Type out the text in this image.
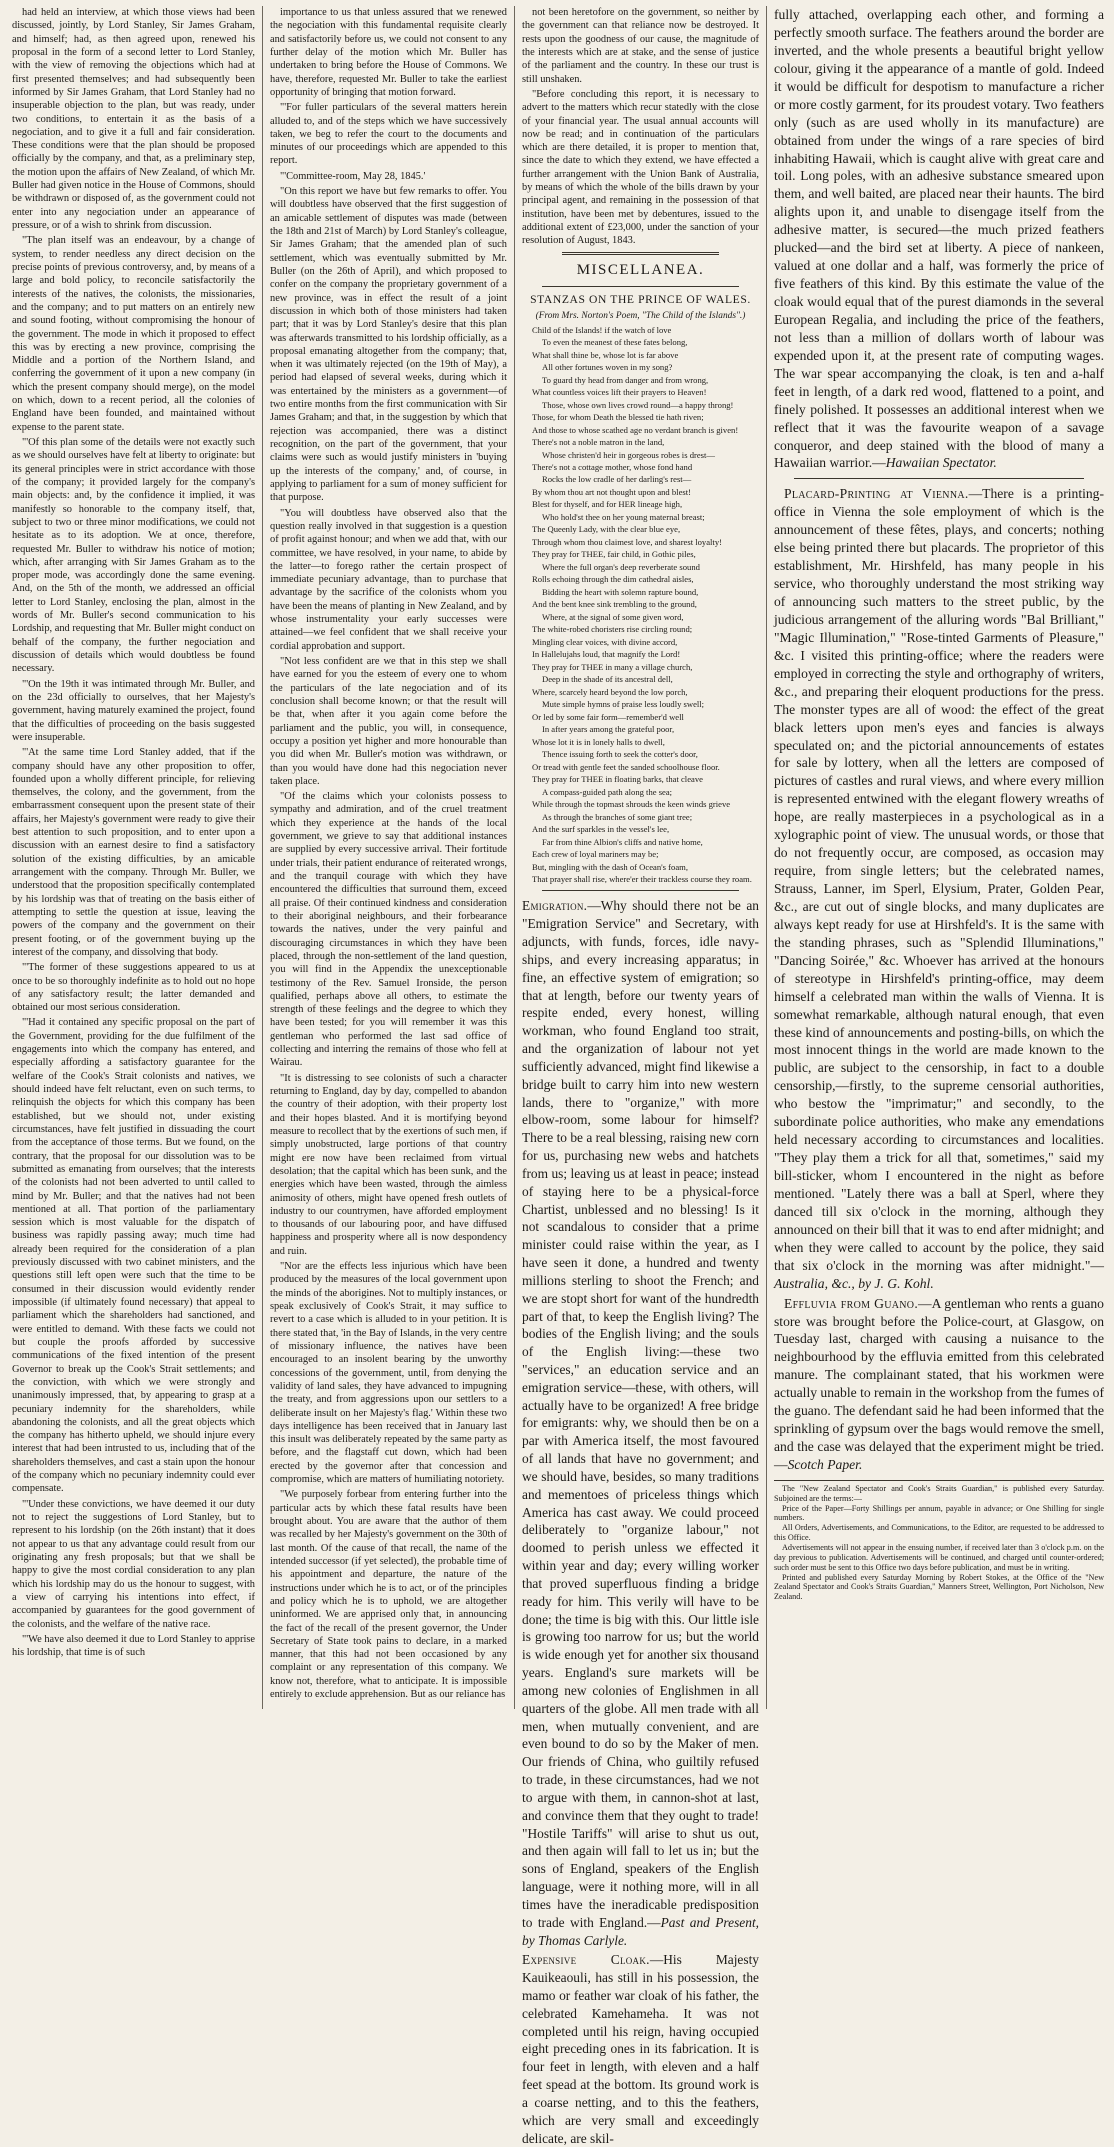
had held an interview, at which those views had been discussed, jointly, by Lord Stanley, Sir James Graham, and himself; had, as then agreed upon, renewed his proposal in the form of a second letter to Lord Stanley, with the view of removing the objections which had at first presented themselves; and had subsequently been informed by Sir James Graham, that Lord Stanley had no insuperable objection to the plan, but was ready, under two conditions, to entertain it as the basis of a negociation, and to give it a full and fair consideration. These conditions were that the plan should be proposed officially by the company, and that, as a preliminary step, the motion upon the affairs of New Zealand, of which Mr. Buller had given notice in the House of Commons, should be withdrawn or disposed of, as the government could not enter into any negociation under an appearance of pressure, or of a wish to shrink from discussion.

"The plan itself was an endeavour, by a change of system, to render needless any direct decision on the precise points of previous controversy, and, by means of a large and bold policy, to reconcile satisfactorily the interests of the natives, the colonists, the missionaries, and the company; and to put matters on an entirely new and sound footing, without compromising the honour of the government. The mode in which it proposed to effect this was by erecting a new province, comprising the Middle and a portion of the Northern Island, and conferring the government of it upon a new company (in which the present company should merge), on the model on which, down to a recent period, all the colonies of England have been founded, and maintained without expense to the parent state.

"'Of this plan some of the details were not exactly such as we should ourselves have felt at liberty to originate: but its general principles were in strict accordance with those of the company; it provided largely for the company's main objects: and, by the confidence it implied, it was manifestly so honorable to the company itself, that, subject to two or three minor modifications, we could not hesitate as to its adoption. We at once, therefore, requested Mr. Buller to withdraw his notice of motion; which, after arranging with Sir James Graham as to the proper mode, was accordingly done the same evening. And, on the 5th of the month, we addressed an official letter to Lord Stanley, enclosing the plan, almost in the words of Mr. Buller's second communication to his Lordship, and requesting that Mr. Buller might conduct on behalf of the company, the further negociation and discussion of details which would doubtless be found necessary.

"'On the 19th it was intimated through Mr. Buller, and on the 23d officially to ourselves, that her Majesty's government, having maturely examined the project, found that the difficulties of proceeding on the basis suggested were insuperable.

"'At the same time Lord Stanley added, that if the company should have any other proposition to offer, founded upon a wholly different principle, for relieving themselves, the colony, and the government, from the embarrassment consequent upon the present state of their affairs, her Majesty's government were ready to give their best attention to such proposition, and to enter upon a discussion with an earnest desire to find a satisfactory solution of the existing difficulties, by an amicable arrangement with the company. Through Mr. Buller, we understood that the proposition specifically contemplated by his lordship was that of treating on the basis either of attempting to settle the question at issue, leaving the powers of the company and the government on their present footing, or of the government buying up the interest of the company, and dissolving that body.

"'The former of these suggestions appeared to us at once to be so thoroughly indefinite as to hold out no hope of any satisfactory result; the latter demanded and obtained our most serious consideration.

"'Had it contained any specific proposal on the part of the Government, providing for the due fulfilment of the engagements into which the company has entered, and especially affording a satisfactory guarantee for the welfare of the Cook's Strait colonists and natives, we should indeed have felt reluctant, even on such terms, to relinquish the objects for which this company has been established, but we should not, under existing circumstances, have felt justified in dissuading the court from the acceptance of those terms. But we found, on the contrary, that the proposal for our dissolution was to be submitted as emanating from ourselves; that the interests of the colonists had not been adverted to until called to mind by Mr. Buller; and that the natives had not been mentioned at all. That portion of the parliamentary session which is most valuable for the dispatch of business was rapidly passing away; much time had already been required for the consideration of a plan previously discussed with two cabinet ministers, and the questions still left open were such that the time to be consumed in their discussion would evidently render impossible (if ultimately found necessary) that appeal to parliament which the shareholders had sanctioned, and were entitled to demand. With these facts we could not but couple the proofs afforded by successive communications of the fixed intention of the present Governor to break up the Cook's Strait settlements; and the conviction, with which we were strongly and unanimously impressed, that, by appearing to grasp at a pecuniary indemnity for the shareholders, while abandoning the colonists, and all the great objects which the company has hitherto upheld, we should injure every interest that had been intrusted to us, including that of the shareholders themselves, and cast a stain upon the honour of the company which no pecuniary indemnity could ever compensate.

"'Under these convictions, we have deemed it our duty not to reject the suggestions of Lord Stanley, but to represent to his lordship (on the 26th instant) that it does not appear to us that any advantage could result from our originating any fresh proposals; but that we shall be happy to give the most cordial consideration to any plan which his lordship may do us the honour to suggest, with a view of carrying his intentions into effect, if accompanied by guarantees for the good government of the colonists, and the welfare of the native race.

"'We have also deemed it due to Lord Stanley to apprise his lordship, that time is of such

importance to us that unless assured that we renewed the negociation with this fundamental requisite clearly and satisfactorily before us, we could not consent to any further delay of the motion which Mr. Buller has undertaken to bring before the House of Commons. We have, therefore, requested Mr. Buller to take the earliest opportunity of bringing that motion forward.

"'For fuller particulars of the several matters herein alluded to, and of the steps which we have successively taken, we beg to refer the court to the documents and minutes of our proceedings which are appended to this report.

"'Committee-room, May 28, 1845.'

"On this report we have but few remarks to offer. You will doubtless have observed that the first suggestion of an amicable settlement of disputes was made (between the 18th and 21st of March) by Lord Stanley's colleague, Sir James Graham; that the amended plan of such settlement, which was eventually submitted by Mr. Buller (on the 26th of April), and which proposed to confer on the company the proprietary government of a new province, was in effect the result of a joint discussion in which both of those ministers had taken part; that it was by Lord Stanley's desire that this plan was afterwards transmitted to his lordship officially, as a proposal emanating altogether from the company; that, when it was ultimately rejected (on the 19th of May), a period had elapsed of several weeks, during which it was entertained by the ministers as a government—of two entire months from the first communication with Sir James Graham; and that, in the suggestion by which that rejection was accompanied, there was a distinct recognition, on the part of the government, that your claims were such as would justify ministers in 'buying up the interests of the company,' and, of course, in applying to parliament for a sum of money sufficient for that purpose.

"You will doubtless have observed also that the question really involved in that suggestion is a question of profit against honour; and when we add that, with our committee, we have resolved, in your name, to abide by the latter—to forego rather the certain prospect of immediate pecuniary advantage, than to purchase that advantage by the sacrifice of the colonists whom you have been the means of planting in New Zealand, and by whose instrumentality your early successes were attained—we feel confident that we shall receive your cordial approbation and support.

"Not less confident are we that in this step we shall have earned for you the esteem of every one to whom the particulars of the late negociation and of its conclusion shall become known; or that the result will be that, when after it you again come before the parliament and the public, you will, in consequence, occupy a position yet higher and more honourable than you did when Mr. Buller's motion was withdrawn, or than you would have done had this negociation never taken place.

"Of the claims which your colonists possess to sympathy and admiration, and of the cruel treatment which they experience at the hands of the local government, we grieve to say that additional instances are supplied by every successive arrival. Their fortitude under trials, their patient endurance of reiterated wrongs, and the tranquil courage with which they have encountered the difficulties that surround them, exceed all praise. Of their continued kindness and consideration to their aboriginal neighbours, and their forbearance towards the natives, under the very painful and discouraging circumstances in which they have been placed, through the non-settlement of the land question, you will find in the Appendix the unexceptionable testimony of the Rev. Samuel Ironside, the person qualified, perhaps above all others, to estimate the strength of these feelings and the degree to which they have been tested; for you will remember it was this gentleman who performed the last sad office of collecting and interring the remains of those who fell at Wairau.

"It is distressing to see colonists of such a character returning to England, day by day, compelled to abandon the country of their adoption, with their property lost and their hopes blasted. And it is mortifying beyond measure to recollect that by the exertions of such men, if simply unobstructed, large portions of that country might ere now have been reclaimed from virtual desolation; that the capital which has been sunk, and the energies which have been wasted, through the aimless animosity of others, might have opened fresh outlets of industry to our countrymen, have afforded employment to thousands of our labouring poor, and have diffused happiness and prosperity where all is now despondency and ruin.

"Nor are the effects less injurious which have been produced by the measures of the local government upon the minds of the aborigines. Not to multiply instances, or speak exclusively of Cook's Strait, it may suffice to revert to a case which is alluded to in your petition. It is there stated that, 'in the Bay of Islands, in the very centre of missionary influence, the natives have been encouraged to an insolent bearing by the unworthy concessions of the government, until, from denying the validity of land sales, they have advanced to impugning the treaty, and from aggressions upon our settlers to a deliberate insult on her Majesty's flag.' Within these two days intelligence has been received that in January last this insult was deliberately repeated by the same party as before, and the flagstaff cut down, which had been erected by the governor after that concession and compromise, which are matters of humiliating notoriety.

"We purposely forbear from entering further into the particular acts by which these fatal results have been brought about. You are aware that the author of them was recalled by her Majesty's government on the 30th of last month. Of the cause of that recall, the name of the intended successor (if yet selected), the probable time of his appointment and departure, the nature of the instructions under which he is to act, or of the principles and policy which he is to uphold, we are altogether uninformed. We are apprised only that, in announcing the fact of the recall of the present governor, the Under Secretary of State took pains to declare, in a marked manner, that this had not been occasioned by any complaint or any representation of this company. We know not, therefore, what to anticipate. It is impossible entirely to exclude apprehension. But as our reliance has

not been heretofore on the government, so neither by the government can that reliance now be destroyed. It rests upon the goodness of our cause, the magnitude of the interests which are at stake, and the sense of justice of the parliament and the country. In these our trust is still unshaken.

"Before concluding this report, it is necessary to advert to the matters which recur statedly with the close of your financial year. The usual annual accounts will now be read; and in continuation of the particulars which are there detailed, it is proper to mention that, since the date to which they extend, we have effected a further arrangement with the Union Bank of Australia, by means of which the whole of the bills drawn by your principal agent, and remaining in the possession of that institution, have been met by debentures, issued to the additional extent of £23,000, under the sanction of your resolution of August, 1843.

MISCELLANEA.
STANZAS ON THE PRINCE OF WALES.
(From Mrs. Norton's Poem, "The Child of the Islands".)

Child of the Islands! if the watch of love

To even the meanest of these fates belong,

What shall thine be, whose lot is far above

All other fortunes woven in my song?

To guard thy head from danger and from wrong,

What countless voices lift their prayers to Heaven!

Those, whose own lives crowd round—a happy throng!

Those, for whom Death the blessed tie hath riven;

And those to whose scathed age no verdant branch is given!

There's not a noble matron in the land,

Whose christen'd heir in gorgeous robes is drest—

There's not a cottage mother, whose fond hand

Rocks the low cradle of her darling's rest—

By whom thou art not thought upon and blest!

Blest for thyself, and for HER lineage high,

Who hold'st thee on her young maternal breast;

The Queenly Lady, with the clear blue eye,

Through whom thou claimest love, and sharest loyalty!

They pray for THEE, fair child, in Gothic piles,

Where the full organ's deep reverberate sound

Rolls echoing through the dim cathedral aisles,

Bidding the heart with solemn rapture bound,

And the bent knee sink trembling to the ground,

Where, at the signal of some given word,

The white-robed choristers rise circling round;

Mingling clear voices, with divine accord,

In Hallelujahs loud, that magnify the Lord!

They pray for THEE in many a village church,

Deep in the shade of its ancestral dell,

Where, scarcely heard beyond the low porch,

Mute simple hymns of praise less loudly swell;

Or led by some fair form—remember'd well

In after years among the grateful poor,

Whose lot it is in lonely halls to dwell,

Thence issuing forth to seek the cotter's door,

Or tread with gentle feet the sanded schoolhouse floor.

They pray for THEE in floating barks, that cleave

A compass-guided path along the sea;

While through the topmast shrouds the keen winds grieve

As through the branches of some giant tree;

And the surf sparkles in the vessel's lee,

Far from thine Albion's cliffs and native home,

Each crew of loyal mariners may be;

But, mingling with the dash of Ocean's foam,

That prayer shall rise, where'er their trackless course they roam.

Emigration.—Why should there not be an "Emigration Service" and Secretary, with adjuncts, with funds, forces, idle navy-ships, and every increasing apparatus; in fine, an effective system of emigration; so that at length, before our twenty years of respite ended, every honest, willing workman, who found England too strait, and the organization of labour not yet sufficiently advanced, might find likewise a bridge built to carry him into new western lands, there to "organize," with more elbow-room, some labour for himself? There to be a real blessing, raising new corn for us, purchasing new webs and hatchets from us; leaving us at least in peace; instead of staying here to be a physical-force Chartist, unblessed and no blessing! Is it not scandalous to consider that a prime minister could raise within the year, as I have seen it done, a hundred and twenty millions sterling to shoot the French; and we are stopt short for want of the hundredth part of that, to keep the English living? The bodies of the English living; and the souls of the English living:—these two "services," an education service and an emigration service—these, with others, will actually have to be organized! A free bridge for emigrants: why, we should then be on a par with America itself, the most favoured of all lands that have no government; and we should have, besides, so many traditions and mementoes of priceless things which America has cast away. We could proceed deliberately to "organize labour," not doomed to perish unless we effected it within year and day; every willing worker that proved superfluous finding a bridge ready for him. This verily will have to be done; the time is big with this. Our little isle is growing too narrow for us; but the world is wide enough yet for another six thousand years. England's sure markets will be among new colonies of Englishmen in all quarters of the globe. All men trade with all men, when mutually convenient, and are even bound to do so by the Maker of men. Our friends of China, who guiltily refused to trade, in these circumstances, had we not to argue with them, in cannon-shot at last, and convince them that they ought to trade! "Hostile Tariffs" will arise to shut us out, and then again will fall to let us in; but the sons of England, speakers of the English language, were it nothing more, will in all times have the ineradicable predisposition to trade with England.—Past and Present, by Thomas Carlyle.

Expensive Cloak.—His Majesty Kauikeaouli, has still in his possession, the mamo or feather war cloak of his father, the celebrated Kamehameha. It was not completed until his reign, having occupied eight preceding ones in its fabrication. It is four feet in length, with eleven and a half feet spead at the bottom. Its ground work is a coarse netting, and to this the feathers, which are very small and exceedingly delicate, are skil-

fully attached, overlapping each other, and forming a perfectly smooth surface. The feathers around the border are inverted, and the whole presents a beautiful bright yellow colour, giving it the appearance of a mantle of gold. Indeed it would be difficult for despotism to manufacture a richer or more costly garment, for its proudest votary. Two feathers only (such as are used wholly in its manufacture) are obtained from under the wings of a rare species of bird inhabiting Hawaii, which is caught alive with great care and toil. Long poles, with an adhesive substance smeared upon them, and well baited, are placed near their haunts. The bird alights upon it, and unable to disengage itself from the adhesive matter, is secured—the much prized feathers plucked—and the bird set at liberty. A piece of nankeen, valued at one dollar and a half, was formerly the price of five feathers of this kind. By this estimate the value of the cloak would equal that of the purest diamonds in the several European Regalia, and including the price of the feathers, not less than a million of dollars worth of labour was expended upon it, at the present rate of computing wages. The war spear accompanying the cloak, is ten and a-half feet in length, of a dark red wood, flattened to a point, and finely polished. It possesses an additional interest when we reflect that it was the favourite weapon of a savage conqueror, and deep stained with the blood of many a Hawaiian warrior.—Hawaiian Spectator.

Placard-Printing at Vienna.—There is a printing-office in Vienna the sole employment of which is the announcement of these fêtes, plays, and concerts; nothing else being printed there but placards. The proprietor of this establishment, Mr. Hirshfeld, has many people in his service, who thoroughly understand the most striking way of announcing such matters to the street public, by the judicious arrangement of the alluring words "Bal Brilliant," "Magic Illumination," "Rose-tinted Garments of Pleasure," &c. I visited this printing-office; where the readers were employed in correcting the style and orthography of writers, &c., and preparing their eloquent productions for the press. The monster types are all of wood: the effect of the great black letters upon men's eyes and fancies is always speculated on; and the pictorial announcements of estates for sale by lottery, when all the letters are composed of pictures of castles and rural views, and where every million is represented entwined with the elegant flowery wreaths of hope, are really masterpieces in a psychological as in a xylographic point of view. The unusual words, or those that do not frequently occur, are composed, as occasion may require, from single letters; but the celebrated names, Strauss, Lanner, im Sperl, Elysium, Prater, Golden Pear, &c., are cut out of single blocks, and many duplicates are always kept ready for use at Hirshfeld's. It is the same with the standing phrases, such as "Splendid Illuminations," "Dancing Soirée," &c. Whoever has arrived at the honours of stereotype in Hirshfeld's printing-office, may deem himself a celebrated man within the walls of Vienna. It is somewhat remarkable, although natural enough, that even these kind of announcements and posting-bills, on which the most innocent things in the world are made known to the public, are subject to the censorship, in fact to a double censorship,—firstly, to the supreme censorial authorities, who bestow the "imprimatur;" and secondly, to the subordinate police authorities, who make any emendations held necessary according to circumstances and localities. "They play them a trick for all that, sometimes," said my bill-sticker, whom I encountered in the night as before mentioned. "Lately there was a ball at Sperl, where they danced till six o'clock in the morning, although they announced on their bill that it was to end after midnight; and when they were called to account by the police, they said that six o'clock in the morning was after midnight."—Australia, &c., by J. G. Kohl.

Effluvia from Guano.—A gentleman who rents a guano store was brought before the Police-court, at Glasgow, on Tuesday last, charged with causing a nuisance to the neighbourhood by the effluvia emitted from this celebrated manure. The complainant stated, that his workmen were actually unable to remain in the workshop from the fumes of the guano. The defendant said he had been informed that the sprinkling of gypsum over the bags would remove the smell, and the case was delayed that the experiment might be tried.—Scotch Paper.

The "New Zealand Spectator and Cook's Straits Guardian," is published every Saturday. Subjoined are the terms:—

Price of the Paper—Forty Shillings per annum, payable in advance; or One Shilling for single numbers.

All Orders, Advertisements, and Communications, to the Editor, are requested to be addressed to this Office.

Advertisements will not appear in the ensuing number, if received later than 3 o'clock p.m. on the day previous to publication. Advertisements will be continued, and charged until counter-ordered; such order must be sent to this Office two days before publication, and must be in writing.

Printed and published every Saturday Morning by Robert Stokes, at the Office of the "New Zealand Spectator and Cook's Straits Guardian," Manners Street, Wellington, Port Nicholson, New Zealand.
